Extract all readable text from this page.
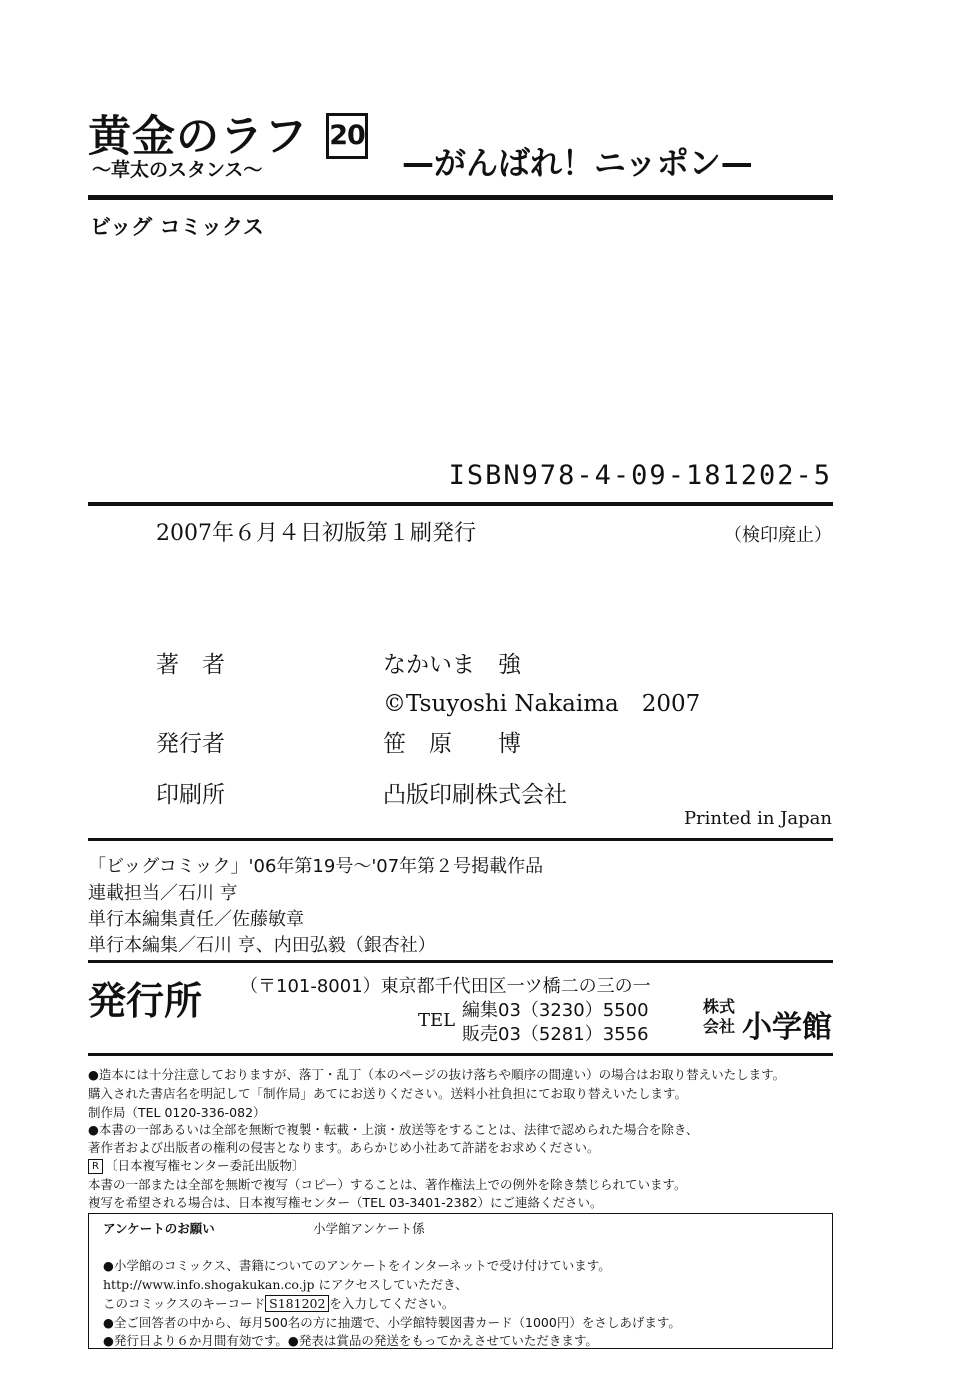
黄金のラフ 20
〜草太のスタンス〜	—がんばれ！ニッポン—
ビッグ コミックス
ISBN978-4-09-181202-5
2007年６月４日初版第１刷発行	（検印廃止）
著　者	なかいま　強
©Tsuyoshi Nakaima　2007
発行者	笹　原　　博
印刷所	凸版印刷株式会社
Printed in Japan
「ビッグコミック」'06年第19号〜'07年第２号掲載作品
連載担当／石川 亨
単行本編集責任／佐藤敏章
単行本編集／石川 亨、内田弘毅（銀杏社）
発行所 （〒101-8001）東京都千代田区一ツ橋二の三の一
TEL 編集03（3230）5500
販売03（5281）3556
株式
会社 小学館
●造本には十分注意しておりますが、落丁・乱丁（本のページの抜け落ちや順序の間違い）の場合はお取り替えいたします。
購入された書店名を明記して「制作局」あてにお送りください。送料小社負担にてお取り替えいたします。
制作局（TEL 0120-336-082）
●本書の一部あるいは全部を無断で複製・転載・上演・放送等をすることは、法律で認められた場合を除き、
著作者および出版者の権利の侵害となります。あらかじめ小社あて許諾をお求めください。
R 〔日本複写権センター委託出版物〕
本書の一部または全部を無断で複写（コピー）することは、著作権法上での例外を除き禁じられています。
複写を希望される場合は、日本複写権センター（TEL 03-3401-2382）にご連絡ください。
アンケートのお願い	小学館アンケート係
●小学館のコミックス、書籍についてのアンケートをインターネットで受け付けています。
http://www.info.shogakukan.co.jp にアクセスしていただき、
このコミックスのキーコード S181202 を入力してください。
●全ご回答者の中から、毎月500名の方に抽選で、小学館特製図書カード（1000円）をさしあげます。
●発行日より６か月間有効です。●発表は賞品の発送をもってかえさせていただきます。
